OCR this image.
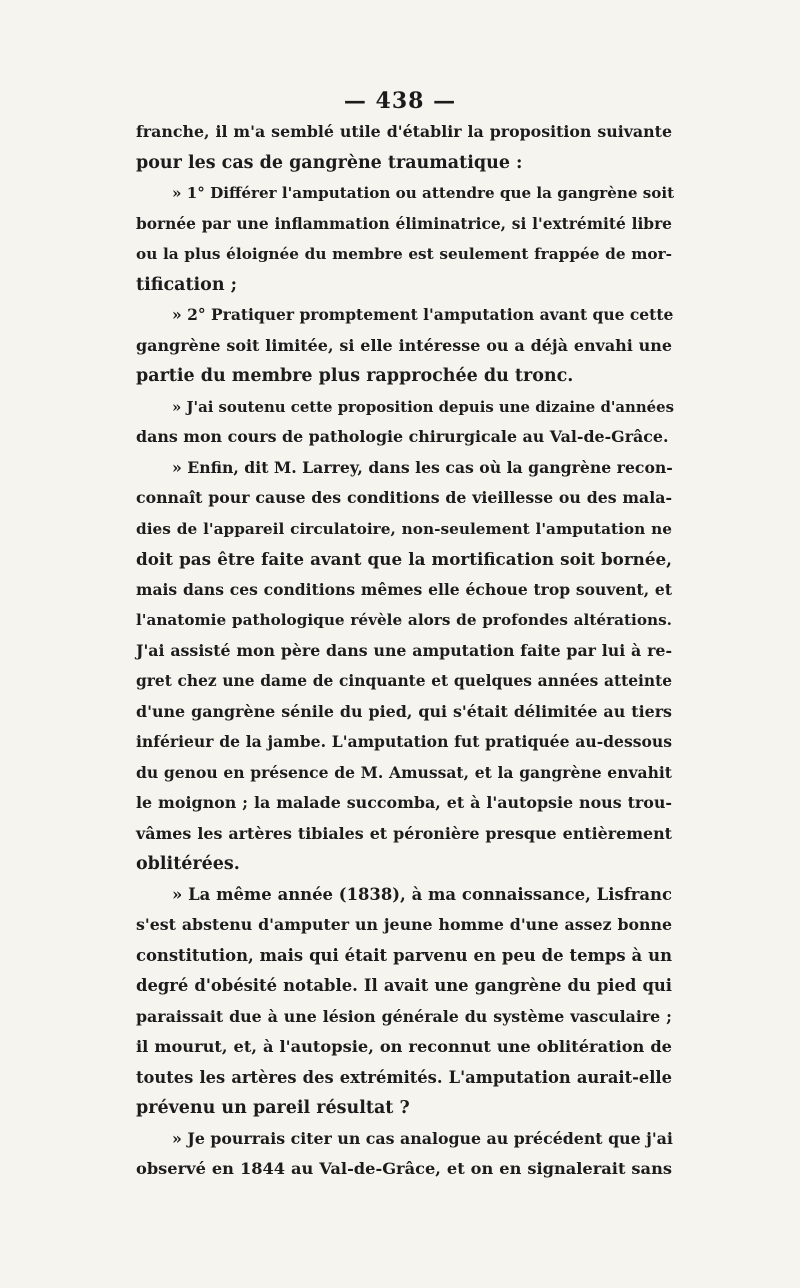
— 438 —
franche, il m'a semblé utile d'établir la proposition suivante
pour les cas de gangrène traumatique :
» 1° Différer l'amputation ou attendre que la gangrène soit
bornée par une inflammation éliminatrice, si l'extrémité libre
ou la plus éloignée du membre est seulement frappée de mor-
tification ;
» 2° Pratiquer promptement l'amputation avant que cette
gangrène soit limitée, si elle intéresse ou a déjà envahi une
partie du membre plus rapprochée du tronc.
» J'ai soutenu cette proposition depuis une dizaine d'années
dans mon cours de pathologie chirurgicale au Val-de-Grâce.
» Enfin, dit M. Larrey, dans les cas où la gangrène recon-
connaît pour cause des conditions de vieillesse ou des mala-
dies de l'appareil circulatoire, non-seulement l'amputation ne
doit pas être faite avant que la mortification soit bornée,
mais dans ces conditions mêmes elle échoue trop souvent, et
l'anatomie pathologique révèle alors de profondes altérations.
J'ai assisté mon père dans une amputation faite par lui à re-
gret chez une dame de cinquante et quelques années atteinte
d'une gangrène sénile du pied, qui s'était délimitée au tiers
inférieur de la jambe. L'amputation fut pratiquée au-dessous
du genou en présence de M. Amussat, et la gangrène envahit
le moignon ; la malade succomba, et à l'autopsie nous trou-
vâmes les artères tibiales et péronière presque entièrement
oblitérées.
» La même année (1838), à ma connaissance, Lisfranc
s'est abstenu d'amputer un jeune homme d'une assez bonne
constitution, mais qui était parvenu en peu de temps à un
degré d'obésité notable. Il avait une gangrène du pied qui
paraissait due à une lésion générale du système vasculaire ;
il mourut, et, à l'autopsie, on reconnut une oblitération de
toutes les artères des extrémités. L'amputation aurait-elle
prévenu un pareil résultat ?
» Je pourrais citer un cas analogue au précédent que j'ai
observé en 1844 au Val-de-Grâce, et on en signalerait sans
